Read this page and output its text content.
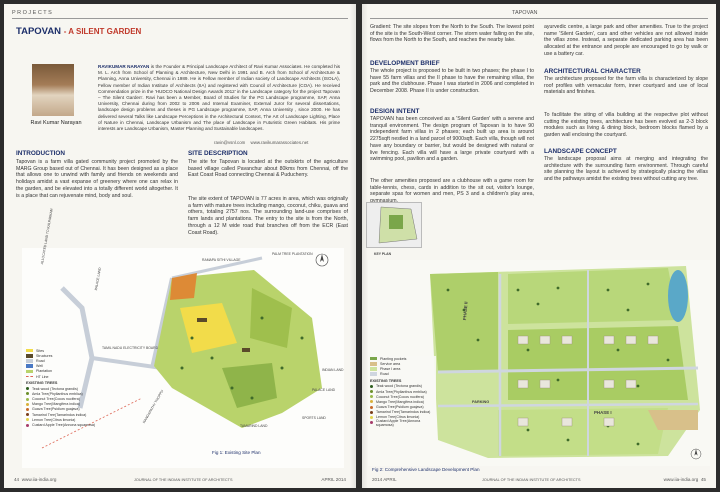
PROJECTS
TAPOVAN - A SILENT GARDEN
Ravi Kumar Narayan
RAVIKUMAR NARAYAN is the Founder & Principal Landscape Architect of Ravi Kumar Associates. He completed his M. L. Arch from School of Planning & Architecture, New Delhi in 1991 and B. Arch from School of Architecture & Planning, Anna University, Chennai in 1989. He is Fellow member of Indian society of Landscape Architects (ISOLA), Fellow member of Indian Institute of Architects (IIA) and registered with Council of Architecture (COA). He received Commendation prize in the 'HUDCO National Design Awards 2012' in the Landscape category for the project Tapovan – The Silent Garden'. Ravi has been a Member, Board of Studies for the PG Landscape programme, SAP, Anna University, Chennai during from 2002 to 2006 and Internal Examiner, External Juror for several dissertations, landscape design problems and theses in PG Landscape programme, SAP, Anna University , since 2000. He has delivered several Talks like Landscape Perceptions in the Architectural Context, The Art of Landscape Lighting, Place of Nature in Chennai, Landscape Urbanism and The place of Landscape in Futuristic Green Habitats. His prime interests are Landscape Urbanism, Master Planning and Sustainable landscapes.
ravin@vsnl.com www.ravikumarassociates.net
INTRODUCTION
Tapovan is a farm villa gated community project promoted by the MARG Group based out of Chennai. It has been designed as a place that allows one to unwind with family and friends on weekends and holidays amidst a vast expanse of greenery where one can relax in the garden, and be elevated into a totally different world altogether. It is a place that can rejuvenate mind, body and soul.
SITE DESCRIPTION
The site for Tapovan is located at the outskirts of the agriculture based village called Pavanchur about 80kms from Chennai, off the East Coast Road connecting Chennai & Puducherry.
The site extent of TAPOVAN is 77 acres in area, which was originally a farm with mature trees including mango, coconut, chiku, guava and others, totaling 2757 nos. The surrounding land-use comprises of farm lands and plantations. The entry to the site is from the North, through a 12 M wide road that branches off from the ECR (East Coast Road).
RAMAPA SITHI VILLAGE
PALACE LAND
ALLOCATED LAND TO KALPAKKAM	PALM TREE PLANTATION
TAMIL NADU ELECTRICITY BOARD
RANGAPATHY THOPPU
TAMARIND LAND
SPORTS LAND
INDIAN LAND
PALACE LAND
Sites
Structures
Road
Well
Plantation
HT Line
EXISTING TREES
Teak wood (Tectona grandis)
Amla Tree(Phyllanthus emblica)
Coconut Tree(Cocos nucifera)
Mango Tree(Mangifera indica)
Guava Tree(Psidium guajava)
Tamarind Tree(Tamarindus indica)
Lemon Tree(Citrus limonia)
Custard Apple Tree(Annona squamosa)
Fig 1: Existing Site Plan
44 www.iia-india.org	JOURNAL OF THE INDIAN INSTITUTE OF ARCHITECTS	APRIL 2014
TAPOVAN
Gradient: The site slopes from the North to the South. The lowest point of the site is the South-West corner. The storm water falling on the site, flows from the North to the South, and reaches the nearby lake.
DEVELOPMENT BRIEF
The whole project is proposed to be built in two phases; the phase I to have 55 farm villas and the II phase to have the remaining villas, the park and the clubhouse. Phase I was started in 2006 and completed in December 2008. Phase II is under construction.
DESIGN INTENT
TAPOVAN has been conceived as a 'Silent Garden' with a serene and tranquil environment. The design program of Tapovan is to have 90 independent farm villas in 2 phases; each built up area is around 2275sqft nestled in a land parcel of 9000sqft. Each villa, though will not have any boundary or barrier, but would be designed with natural or live fencing. Each villa will have a large private courtyard with a swimming pool, pavilion and a garden.
The other amenities proposed are a clubhouse with a game room for table-tennis, chess, cards in addition to the sit out, visitor's lounge, separate spas for women and men, PS 3 and a children's play area,
ayurvedic centre, a large park and other amenities. True to the project name 'Silent Garden', cars and other vehicles are not allowed inside the villas zone. Instead, a separate dedicated parking area has been allocated at the entrance and people are encouraged to go by walk or use a battery car.
ARCHITECTURAL CHARACTER
The architecture proposed for the farm villa is characterized by slope roof profiles with vernacular form, inner courtyard and use of local materials and finishes.
To facilitate the siting of villa building at the respective plot without cutting the existing trees, architecture has been evolved as 2-3 block modules such as living & dining block, bedroom blocks flamed by a garden wall enclosing the courtyard.
LANDSCAPE CONCEPT
The landscape proposal aims at merging and integrating the architecture with the surrounding farm environment. Through careful site planning the layout is achieved by strategically placing the villas and the pathways amidst the existing trees without cutting any tree.
KEY PLAN
PHASE II
PHASE I
PARKING
Planting pockets
Service area
Phase I area
Road
EXISTING TREES
Teak wood (Tectona grandis)
Amla Tree(Phyllanthus emblica)
Coconut Tree(Cocos nucifera)
Mango Tree(Mangifera indica)
Guava Tree(Psidium guajava)
Tamarind Tree(Tamarindus indica)
Lemon Tree(Citrus limonia)
Custard Apple Tree(Annona squamosa)
Fig 2: Comprehensive Landscape Development Plan
2014 APRIL	JOURNAL OF THE INDIAN INSTITUTE OF ARCHITECTS	www.iia-india.org 45
